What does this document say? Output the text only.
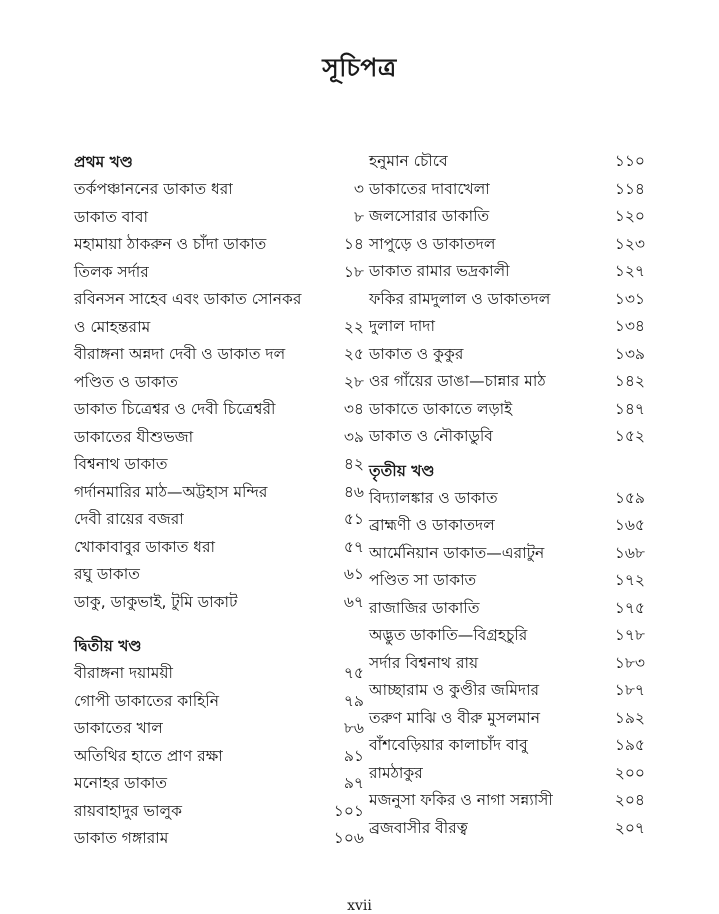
সূচিপত্র
প্রথম খণ্ড
তর্কপঞ্চাননের ডাকাত ধরা	৩
ডাকাত বাবা	৮
মহামায়া ঠাকরুন ও চাঁদা ডাকাত	১৪
তিলক সর্দার	১৮
রবিনসন সাহেব এবং ডাকাত সোনকর
ও মোহন্তরাম	২২
বীরাঙ্গনা অন্নদা দেবী ও ডাকাত দল	২৫
পণ্ডিত ও ডাকাত	২৮
ডাকাত চিত্রেশ্বর ও দেবী চিত্রেশ্বরী	৩৪
ডাকাতের যীশুভজা	৩৯
বিশ্বনাথ ডাকাত	৪২
গর্দানমারির মাঠ—অট্টহাস মন্দির	৪৬
দেবী রায়ের বজরা	৫১
খোকাবাবুর ডাকাত ধরা	৫৭
রঘু ডাকাত	৬১
ডাকু, ডাকুভাই, টুমি ডাকাট	৬৭
দ্বিতীয় খণ্ড
বীরাঙ্গনা দয়াময়ী	৭৫
গোপী ডাকাতের কাহিনি	৭৯
ডাকাতের খাল	৮৬
অতিথির হাতে প্রাণ রক্ষা	৯১
মনোহর ডাকাত	৯৭
রায়বাহাদুর ভালুক	১০১
ডাকাত গঙ্গারাম	১০৬
হনুমান চৌবে	১১০
ডাকাতের দাবাখেলা	১১৪
জলসোরার ডাকাতি	১২০
সাপুড়ে ও ডাকাতদল	১২৩
ডাকাত রামার ভদ্রকালী	১২৭
ফকির রামদুলাল ও ডাকাতদল	১৩১
দুলাল দাদা	১৩৪
ডাকাত ও কুকুর	১৩৯
ওর গাঁয়ের ডাঙা—চান্নার মাঠ	১৪২
ডাকাতে ডাকাতে লড়াই	১৪৭
ডাকাত ও নৌকাডুবি	১৫২
তৃতীয় খণ্ড
বিদ্যালঙ্কার ও ডাকাত	১৫৯
ব্রাহ্মণী ও ডাকাতদল	১৬৫
আর্মেনিয়ান ডাকাত—এরাটুন	১৬৮
পণ্ডিত সা ডাকাত	১৭২
রাজাজির ডাকাতি	১৭৫
অদ্ভুত ডাকাতি—বিগ্রহচুরি	১৭৮
সর্দার বিশ্বনাথ রায়	১৮৩
আচ্ছারাম ও কুণ্ডীর জমিদার	১৮৭
তরুণ মাঝি ও বীরু মুসলমান	১৯২
বাঁশবেড়িয়ার কালাচাঁদ বাবু	১৯৫
রামঠাকুর	২০০
মজনুসা ফকির ও নাগা সন্ন্যাসী	২০৪
ব্রজবাসীর বীরত্ব	২০৭
xvii
